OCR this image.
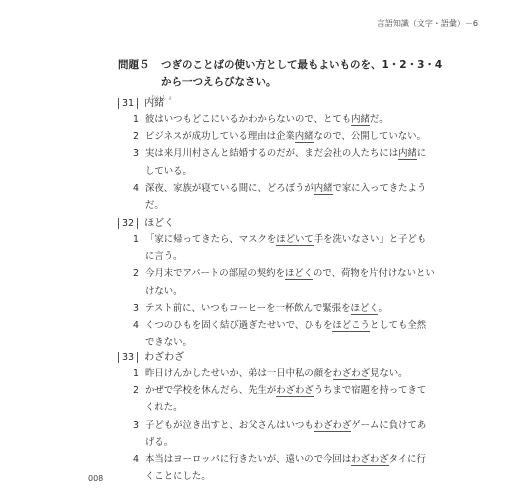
言語知識（文字・語彙）－6
問題５	つぎのことばの使い方として最もよいものを、1・2・3・4から一つえらびなさい。
31 内緒
ないしょ
1 彼はいつもどこにいるかわからないので、とても内緒だ。
2 ビジネスが成功している理由は企業内緒なので、公開していない。
3 実は来月川村さんと結婚するのだが、まだ会社の人たちには内緒にしている。
4 深夜、家族が寝ている間に、どろぼうが内緒で家に入ってきたようだ。
32 ほどく
1 「家に帰ってきたら、マスクをほどいて手を洗いなさい」と子どもに言う。
2 今月末でアパートの部屋の契約をほどくので、荷物を片付けないといけない。
3 テスト前に、いつもコーヒーを一杯飲んで緊張をほどく。
4 くつのひもを固く結び過ぎたせいで、ひもをほどこうとしても全然できない。
33 わざわざ
1 昨日けんかしたせいか、弟は一日中私の顔をわざわざ見ない。
2 かぜで学校を休んだら、先生がわざわざうちまで宿題を持ってきてくれた。
3 子どもが泣き出すと、お父さんはいつもわざわざゲームに負けてあげる。
4 本当はヨーロッパに行きたいが、遠いので今回はわざわざタイに行くことにした。
008
